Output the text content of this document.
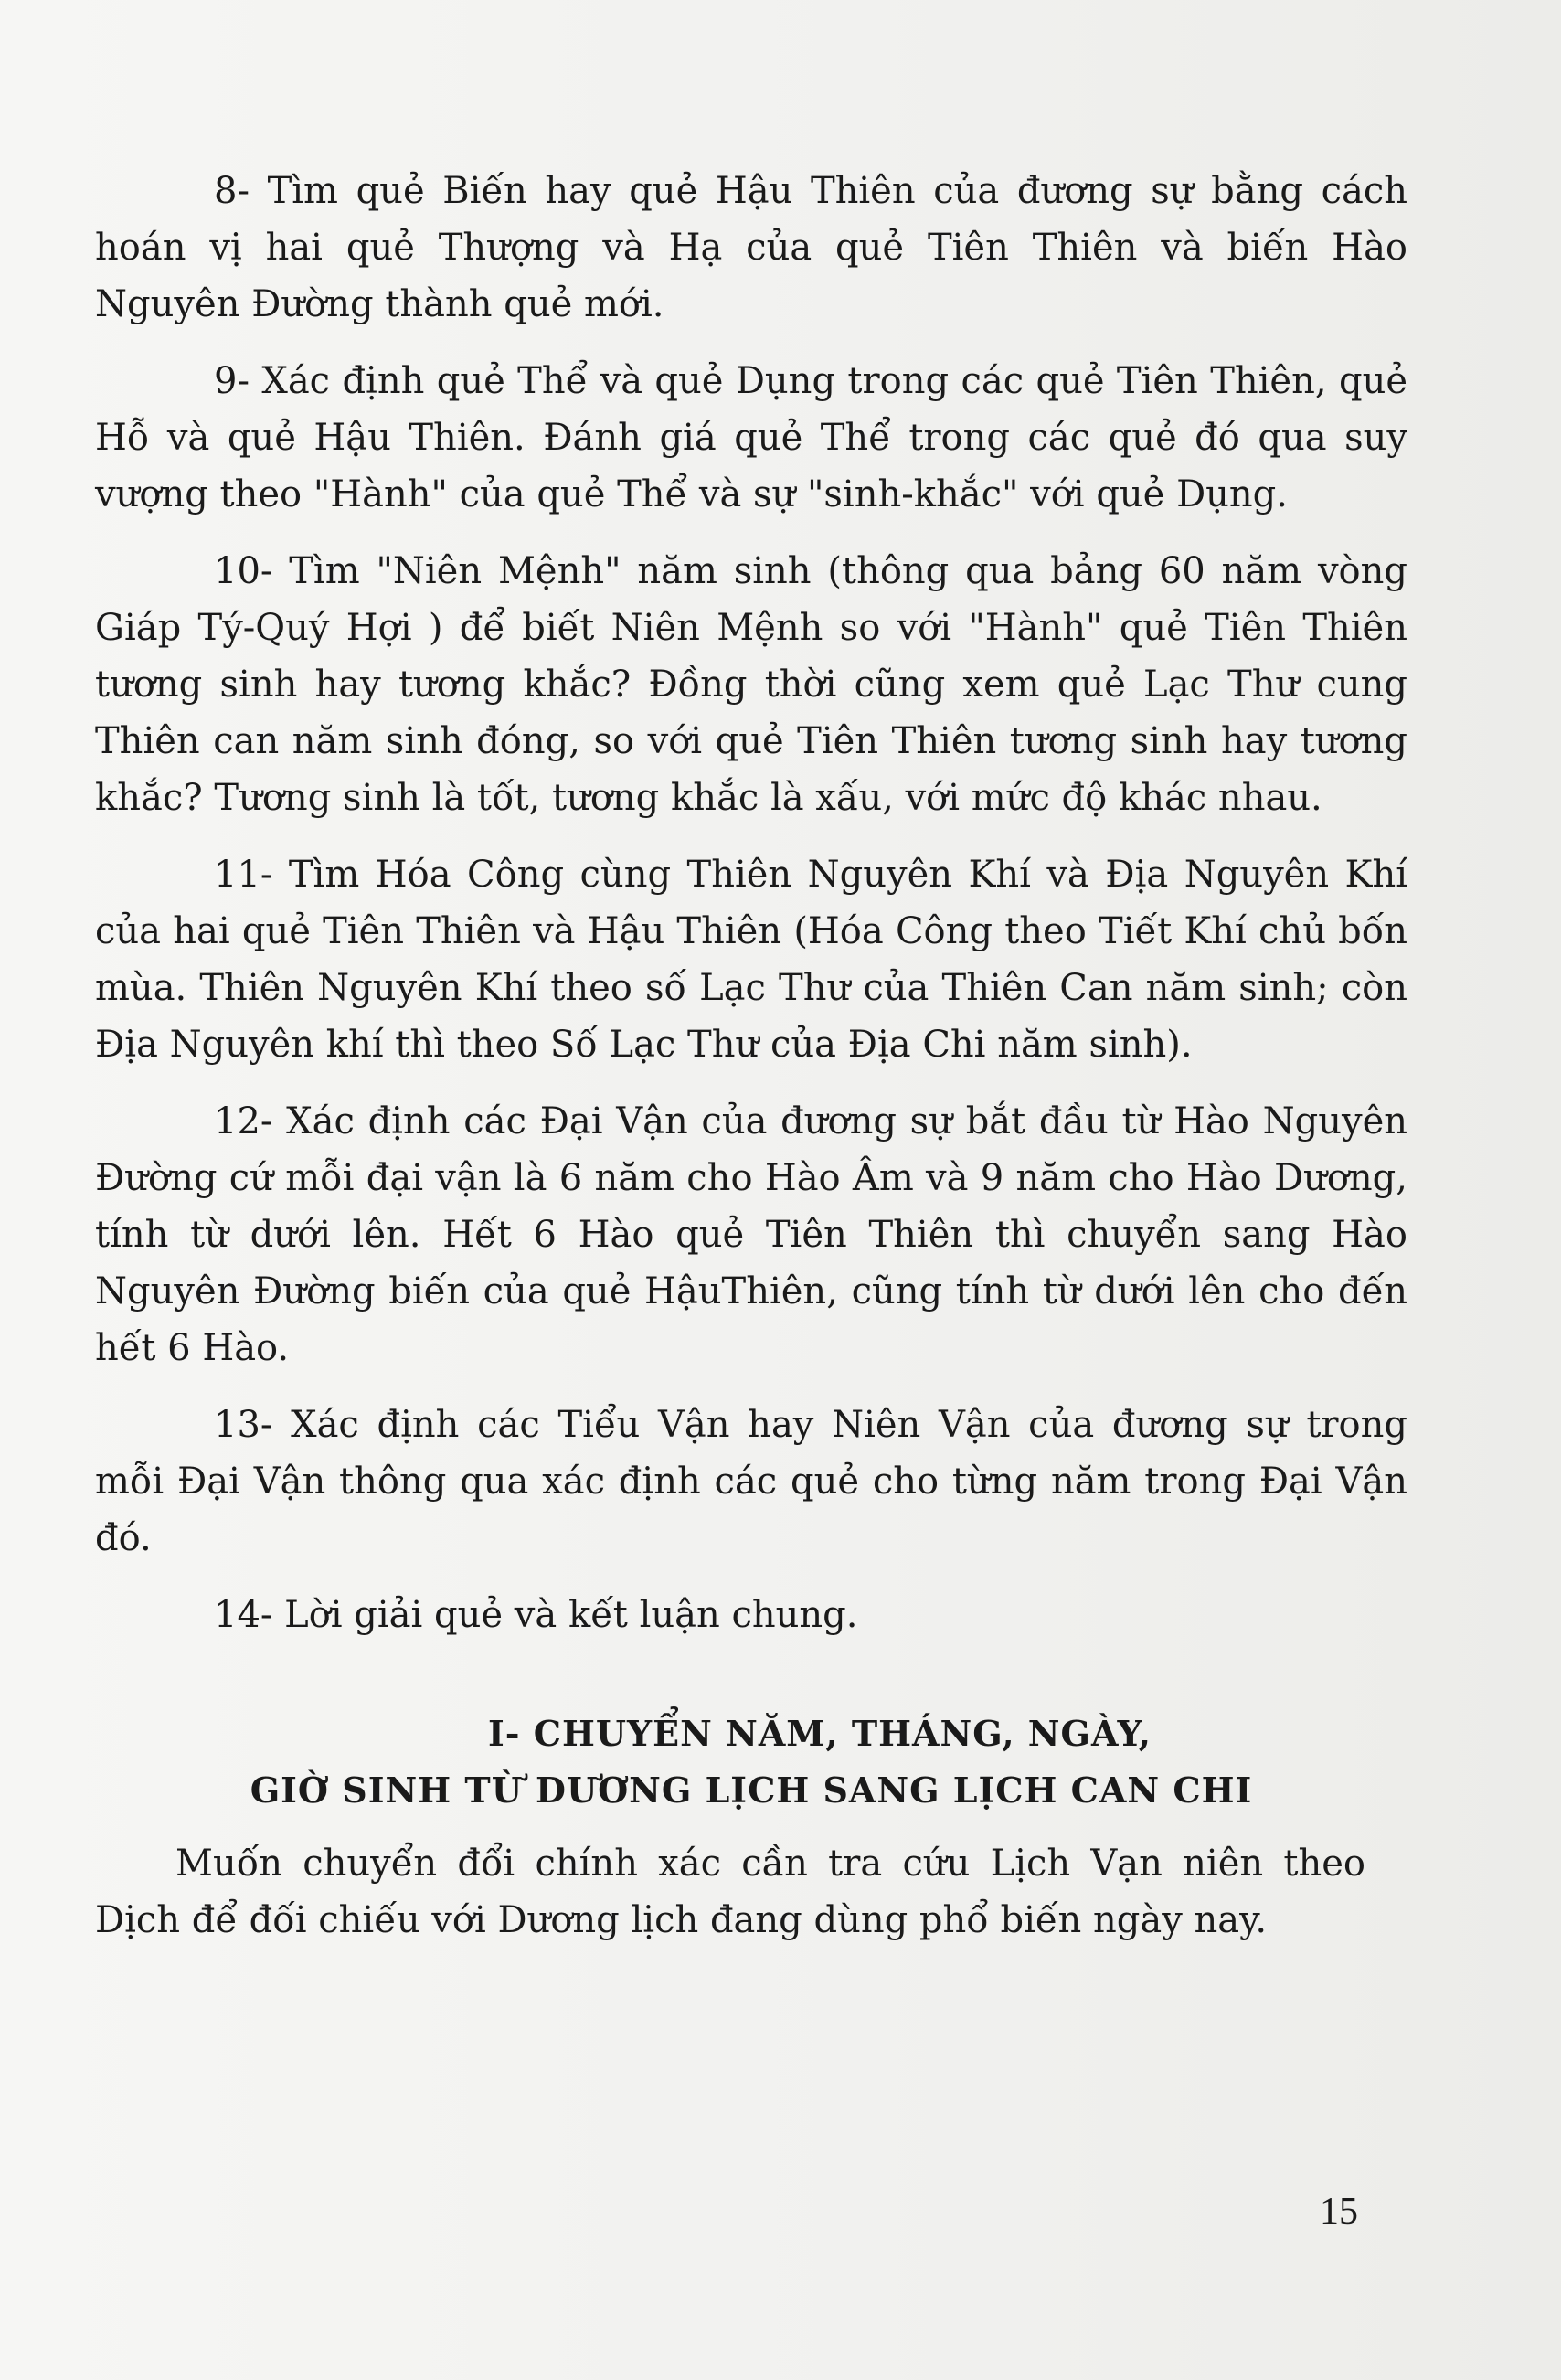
8- Tìm quẻ Biến hay quẻ Hậu Thiên của đương sự bằng cách hoán vị hai quẻ Thượng và Hạ của quẻ Tiên Thiên và biến Hào Nguyên Đường thành quẻ mới.

9- Xác định quẻ Thể và quẻ Dụng trong các quẻ Tiên Thiên, quẻ Hỗ và quẻ Hậu Thiên. Đánh giá quẻ Thể trong các quẻ đó qua suy vượng theo "Hành" của quẻ Thể và sự "sinh-khắc" với quẻ Dụng.

10- Tìm "Niên Mệnh" năm sinh (thông qua bảng 60 năm vòng Giáp Tý-Quý Hợi ) để biết Niên Mệnh so với "Hành" quẻ Tiên Thiên tương sinh hay tương khắc? Đồng thời cũng xem quẻ Lạc Thư cung Thiên can năm sinh đóng, so với quẻ Tiên Thiên tương sinh hay tương khắc? Tương sinh là tốt, tương khắc là xấu, với mức độ khác nhau.

11- Tìm Hóa Công cùng Thiên Nguyên Khí và Địa Nguyên Khí của hai quẻ Tiên Thiên và Hậu Thiên (Hóa Công theo Tiết Khí chủ bốn mùa. Thiên Nguyên Khí theo số Lạc Thư của Thiên Can năm sinh; còn Địa Nguyên khí thì theo Số Lạc Thư của Địa Chi năm sinh).

12- Xác định các Đại Vận của đương sự bắt đầu từ Hào Nguyên Đường cứ mỗi đại vận là 6 năm cho Hào Âm và 9 năm cho Hào Dương, tính từ dưới lên. Hết 6 Hào quẻ Tiên Thiên thì chuyển sang Hào Nguyên Đường biến của quẻ HậuThiên, cũng tính từ dưới lên cho đến hết 6 Hào.

13- Xác định các Tiểu Vận hay Niên Vận của đương sự trong mỗi Đại Vận thông qua xác định các quẻ cho từng năm trong Đại Vận đó.

14- Lời giải quẻ và kết luận chung.

I- CHUYỂN NĂM, THÁNG, NGÀY,
GIỜ SINH TỪ DƯƠNG LỊCH SANG LỊCH CAN CHI

Muốn chuyển đổi chính xác cần tra cứu Lịch Vạn niên theo Dịch để đối chiếu với Dương lịch đang dùng phổ biến ngày nay.

15
